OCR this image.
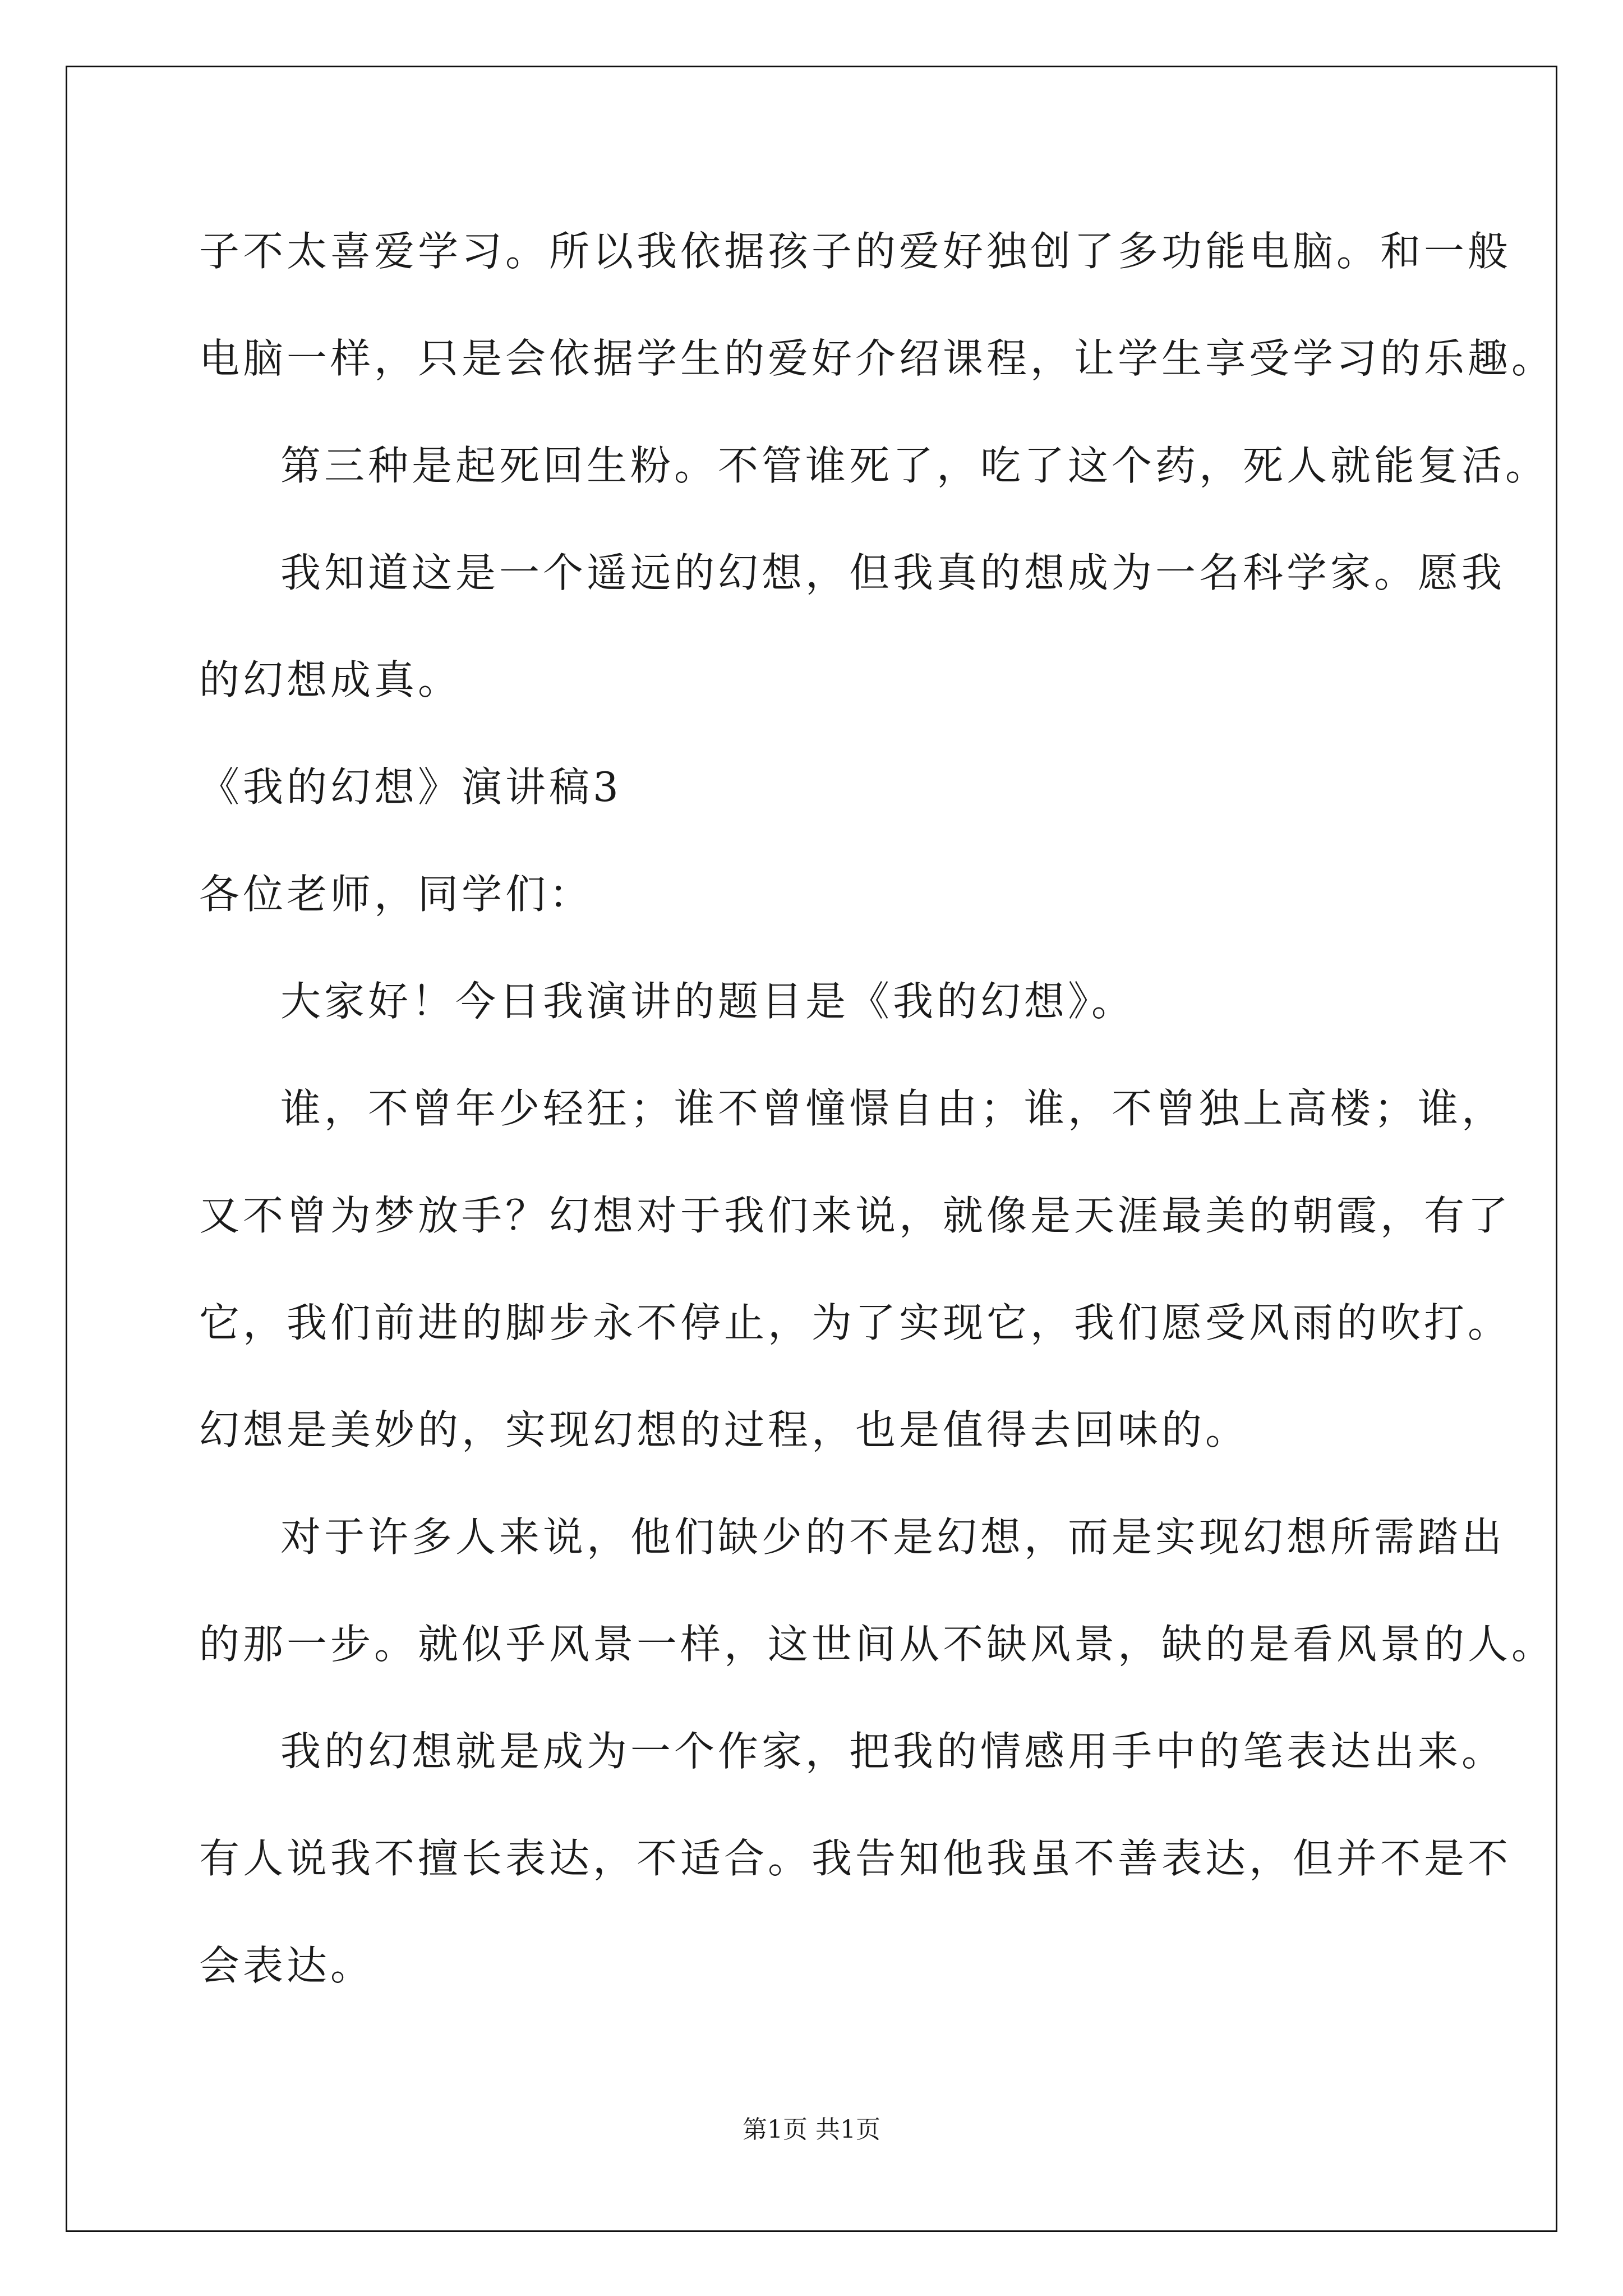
子不太喜爱学习。所以我依据孩子的爱好独创了多功能电脑。和一般
电脑一样，只是会依据学生的爱好介绍课程，让学生享受学习的乐趣。
第三种是起死回生粉。不管谁死了，吃了这个药，死人就能复活。
我知道这是一个遥远的幻想，但我真的想成为一名科学家。愿我
的幻想成真。
《我的幻想》演讲稿3
各位老师，同学们：
大家好！今日我演讲的题目是《我的幻想》。
谁，不曾年少轻狂；谁不曾憧憬自由；谁，不曾独上高楼；谁，
又不曾为梦放手？幻想对于我们来说，就像是天涯最美的朝霞，有了
它，我们前进的脚步永不停止，为了实现它，我们愿受风雨的吹打。
幻想是美妙的，实现幻想的过程，也是值得去回味的。
对于许多人来说，他们缺少的不是幻想，而是实现幻想所需踏出
的那一步。就似乎风景一样，这世间从不缺风景，缺的是看风景的人。
我的幻想就是成为一个作家，把我的情感用手中的笔表达出来。
有人说我不擅长表达，不适合。我告知他我虽不善表达，但并不是不
会表达。
第1页 共1页
